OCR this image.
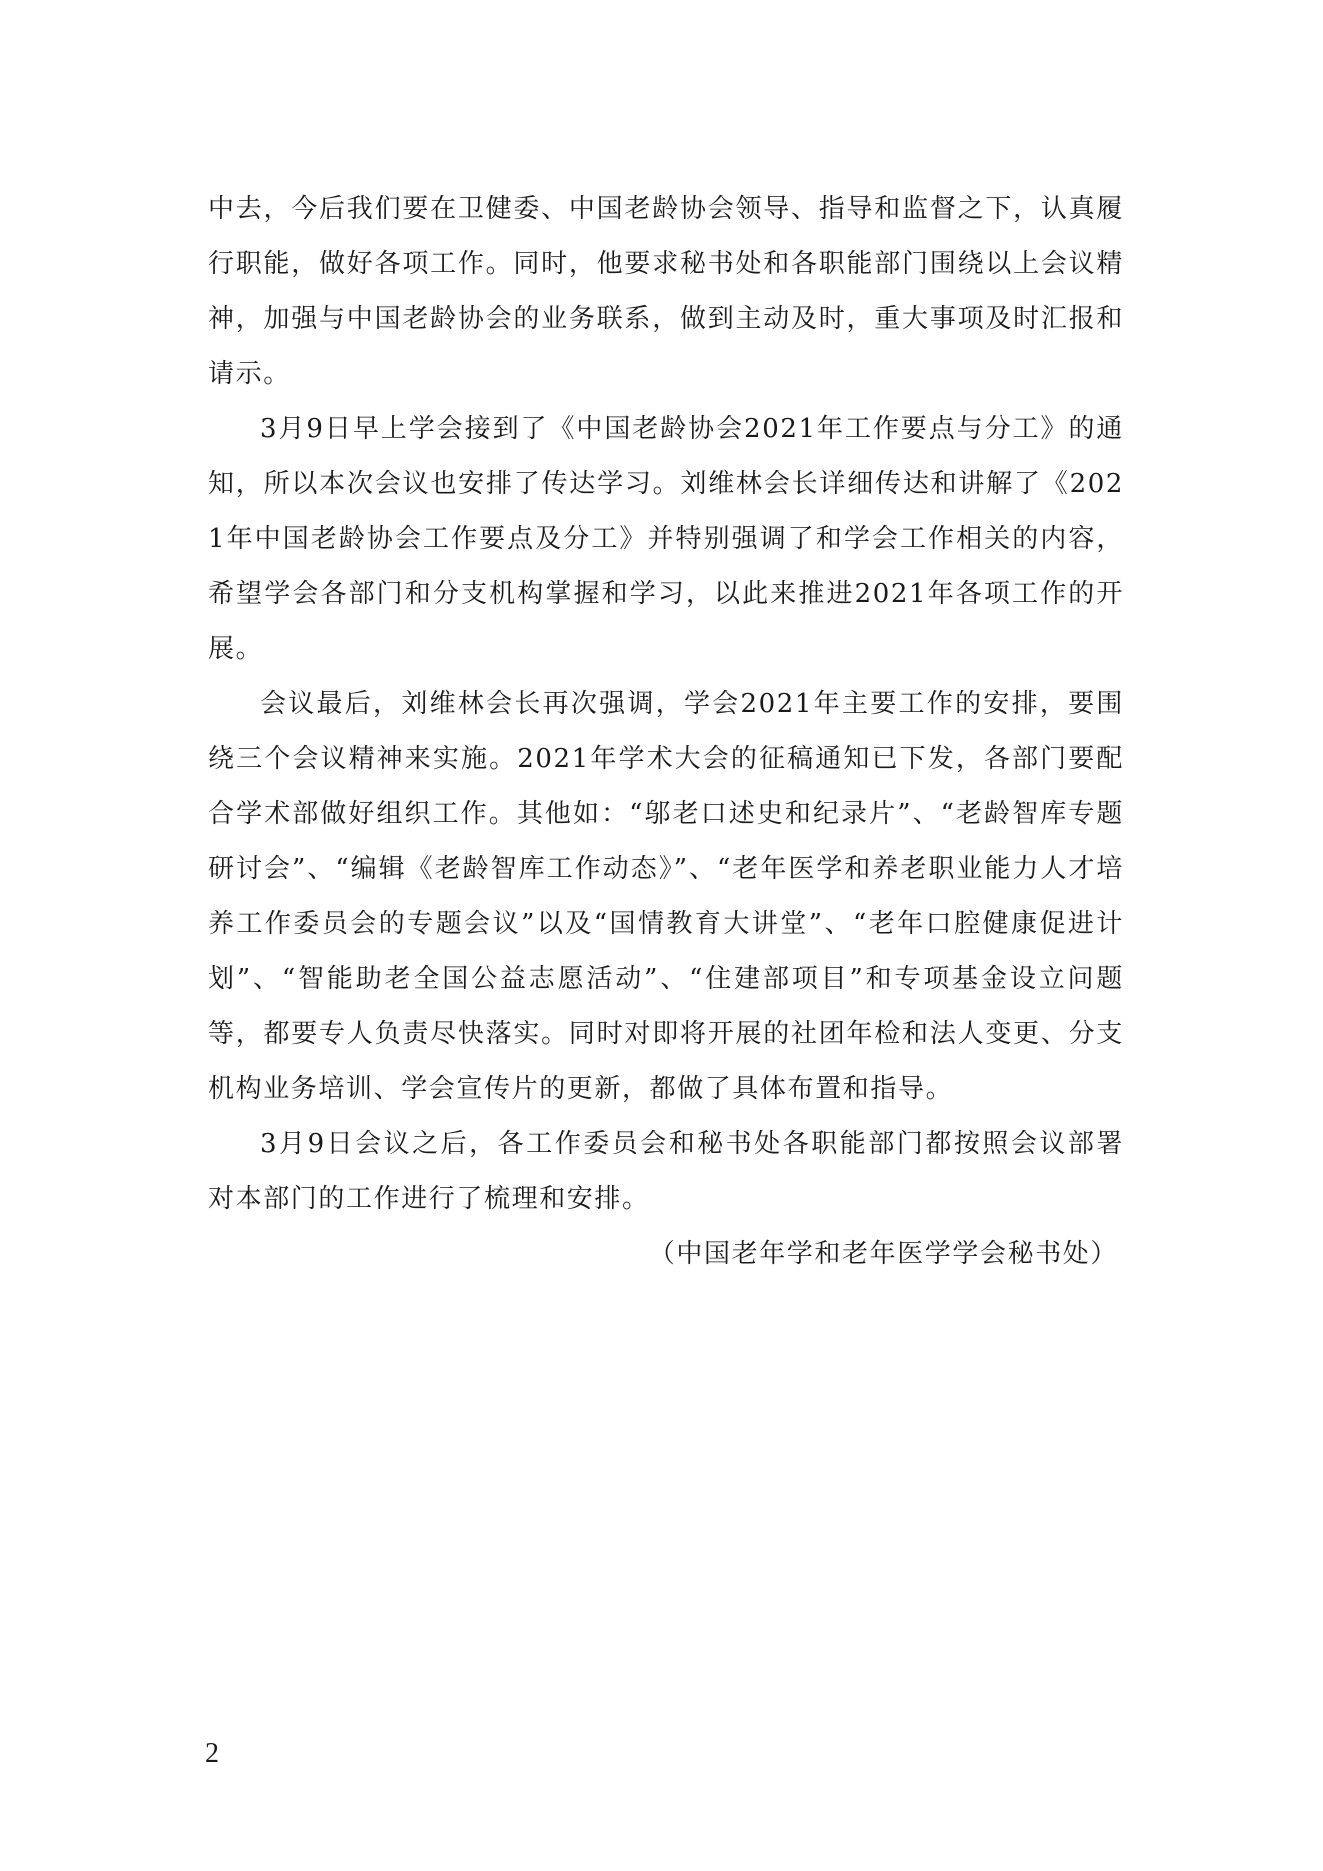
中去，今后我们要在卫健委、中国老龄协会领导、指导和监督之下，认真履行职能，做好各项工作。同时，他要求秘书处和各职能部门围绕以上会议精神，加强与中国老龄协会的业务联系，做到主动及时，重大事项及时汇报和请示。

3月9日早上学会接到了《中国老龄协会2021年工作要点与分工》的通知，所以本次会议也安排了传达学习。刘维林会长详细传达和讲解了《2021年中国老龄协会工作要点及分工》并特别强调了和学会工作相关的内容，希望学会各部门和分支机构掌握和学习，以此来推进2021年各项工作的开展。

会议最后，刘维林会长再次强调，学会2021年主要工作的安排，要围绕三个会议精神来实施。2021年学术大会的征稿通知已下发，各部门要配合学术部做好组织工作。其他如：“邬老口述史和纪录片”、“老龄智库专题研讨会”、“编辑《老龄智库工作动态》”、“老年医学和养老职业能力人才培养工作委员会的专题会议”以及“国情教育大讲堂”、“老年口腔健康促进计划”、“智能助老全国公益志愿活动”、“住建部项目”和专项基金设立问题等，都要专人负责尽快落实。同时对即将开展的社团年检和法人变更、分支机构业务培训、学会宣传片的更新，都做了具体布置和指导。

3月9日会议之后，各工作委员会和秘书处各职能部门都按照会议部署对本部门的工作进行了梳理和安排。

（中国老年学和老年医学学会秘书处）

2
